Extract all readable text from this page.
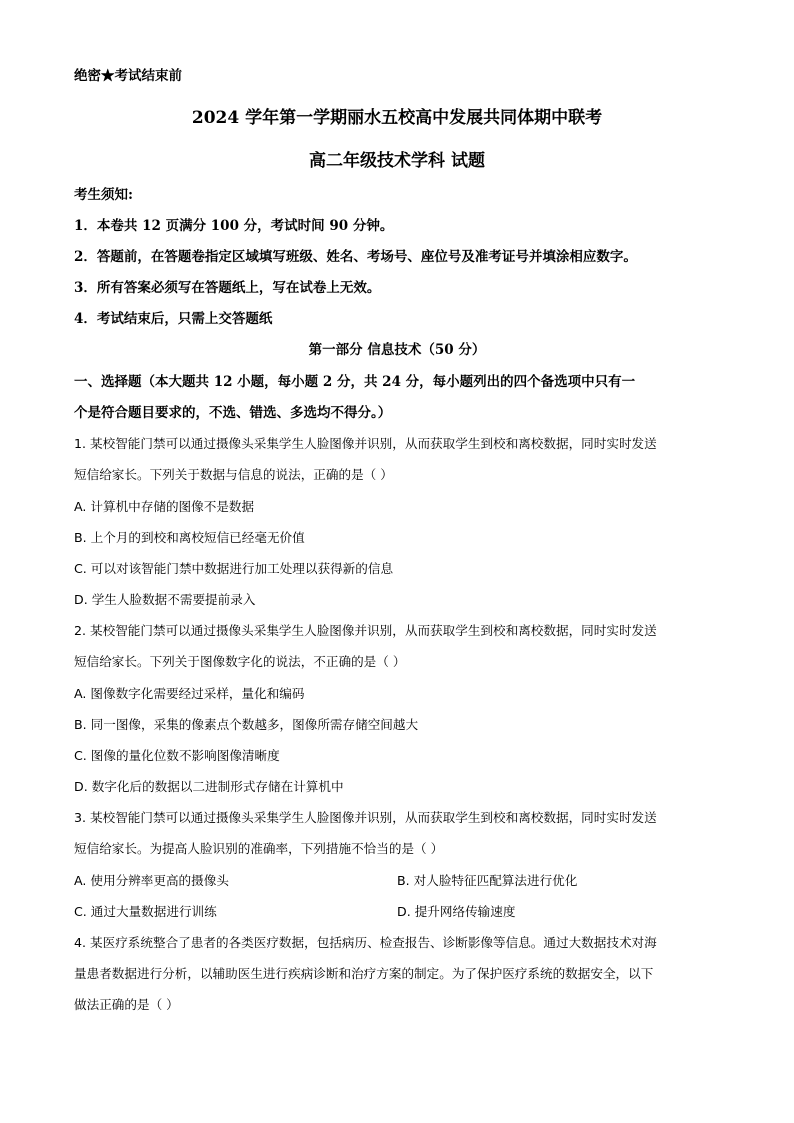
绝密★考试结束前
2024 学年第一学期丽水五校高中发展共同体期中联考
高二年级技术学科 试题
考生须知:
1．本卷共 12 页满分 100 分，考试时间 90 分钟。
2．答题前，在答题卷指定区域填写班级、姓名、考场号、座位号及准考证号并填涂相应数字。
3．所有答案必须写在答题纸上，写在试卷上无效。
4．考试结束后，只需上交答题纸
第一部分 信息技术（50 分）
一、选择题（本大题共 12 小题，每小题 2 分，共 24 分，每小题列出的四个备选项中只有一
个是符合题目要求的，不选、错选、多选均不得分。）
1. 某校智能门禁可以通过摄像头采集学生人脸图像并识别，从而获取学生到校和离校数据，同时实时发送
短信给家长。下列关于数据与信息的说法，正确的是（ ）
A. 计算机中存储的图像不是数据
B. 上个月的到校和离校短信已经毫无价值
C. 可以对该智能门禁中数据进行加工处理以获得新的信息
D. 学生人脸数据不需要提前录入
2. 某校智能门禁可以通过摄像头采集学生人脸图像并识别，从而获取学生到校和离校数据，同时实时发送
短信给家长。下列关于图像数字化的说法，不正确的是（ ）
A. 图像数字化需要经过采样，量化和编码
B. 同一图像，采集的像素点个数越多，图像所需存储空间越大
C. 图像的量化位数不影响图像清晰度
D. 数字化后的数据以二进制形式存储在计算机中
3. 某校智能门禁可以通过摄像头采集学生人脸图像并识别，从而获取学生到校和离校数据，同时实时发送
短信给家长。为提高人脸识别的准确率，下列措施不恰当的是（ ）
A. 使用分辨率更高的摄像头	B. 对人脸特征匹配算法进行优化
C. 通过大量数据进行训练	D. 提升网络传输速度
4. 某医疗系统整合了患者的各类医疗数据，包括病历、检查报告、诊断影像等信息。通过大数据技术对海
量患者数据进行分析，以辅助医生进行疾病诊断和治疗方案的制定。为了保护医疗系统的数据安全，以下
做法正确的是（ ）
